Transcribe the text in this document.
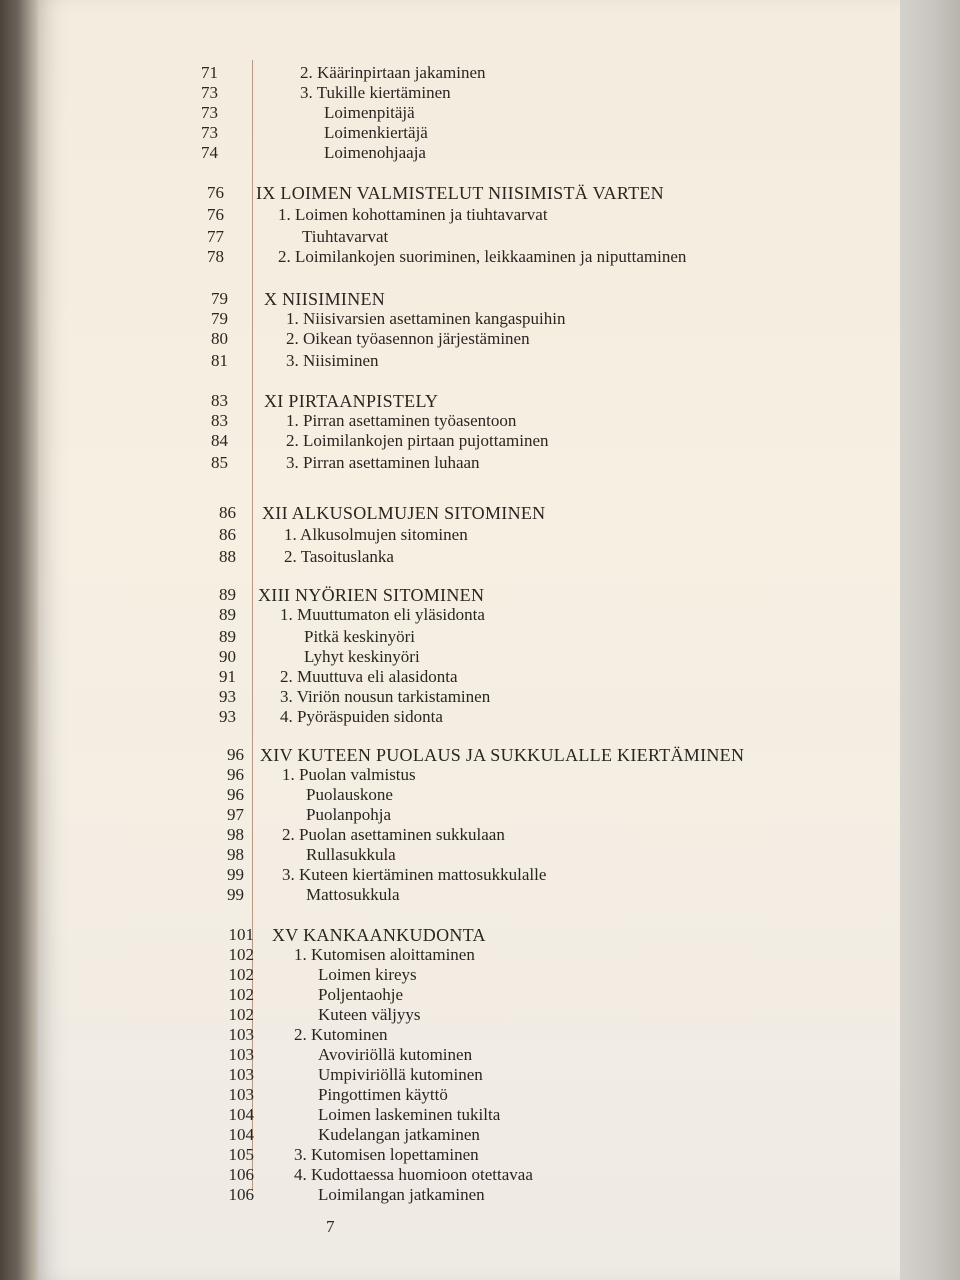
71	2. Käärinpirtaan jakaminen
73	3. Tukille kiertäminen
73	Loimenpitäjä
73	Loimenkiertäjä
74	Loimenohjaaja
76 IX LOIMEN VALMISTELUT NIISIMISTÄ VARTEN
76	1. Loimen kohottaminen ja tiuhtavarvat
77	Tiuhtavarvat
78	2. Loimilankojen suoriminen, leikkaaminen ja niputtaminen
79 X NIISIMINEN
79	1. Niisivarsien asettaminen kangaspuihin
80	2. Oikean työasennon järjestäminen
81	3. Niisiminen
83 XI PIRTAANPISTELY
83	1. Pirran asettaminen työasentoon
84	2. Loimilankojen pirtaan pujottaminen
85	3. Pirran asettaminen luhaan
86 XII ALKUSOLMUJEN SITOMINEN
86	1. Alkusolmujen sitominen
88	2. Tasoituslanka
89 XIII NYÖRIEN SITOMINEN
89	1. Muuttumaton eli yläsidonta
89	Pitkä keskinyöri
90	Lyhyt keskinyöri
91	2. Muuttuva eli alasidonta
93	3. Viriön nousun tarkistaminen
93	4. Pyöräspuiden sidonta
96 XIV KUTEEN PUOLAUS JA SUKKULALLE KIERTÄMINEN
96 1. Puolan valmistus
96	Puolauskone
97	Puolanpohja
98 2. Puolan asettaminen sukkulaan
98	Rullasukkula
99 3. Kuteen kiertäminen mattosukkulalle
99	Mattosukkula
101 XV KANKAANKUDONTA
102 1. Kutomisen aloittaminen
102	Loimen kireys
102	Poljentaohje
102	Kuteen väljyys
103 2. Kutominen
103	Avoviriöllä kutominen
103	Umpiviriöllä kutominen
103	Pingottimen käyttö
104	Loimen laskeminen tukilta
104	Kudelangan jatkaminen
105 3. Kutomisen lopettaminen
106 4. Kudottaessa huomioon otettavaa
106	Loimilangan jatkaminen
7
